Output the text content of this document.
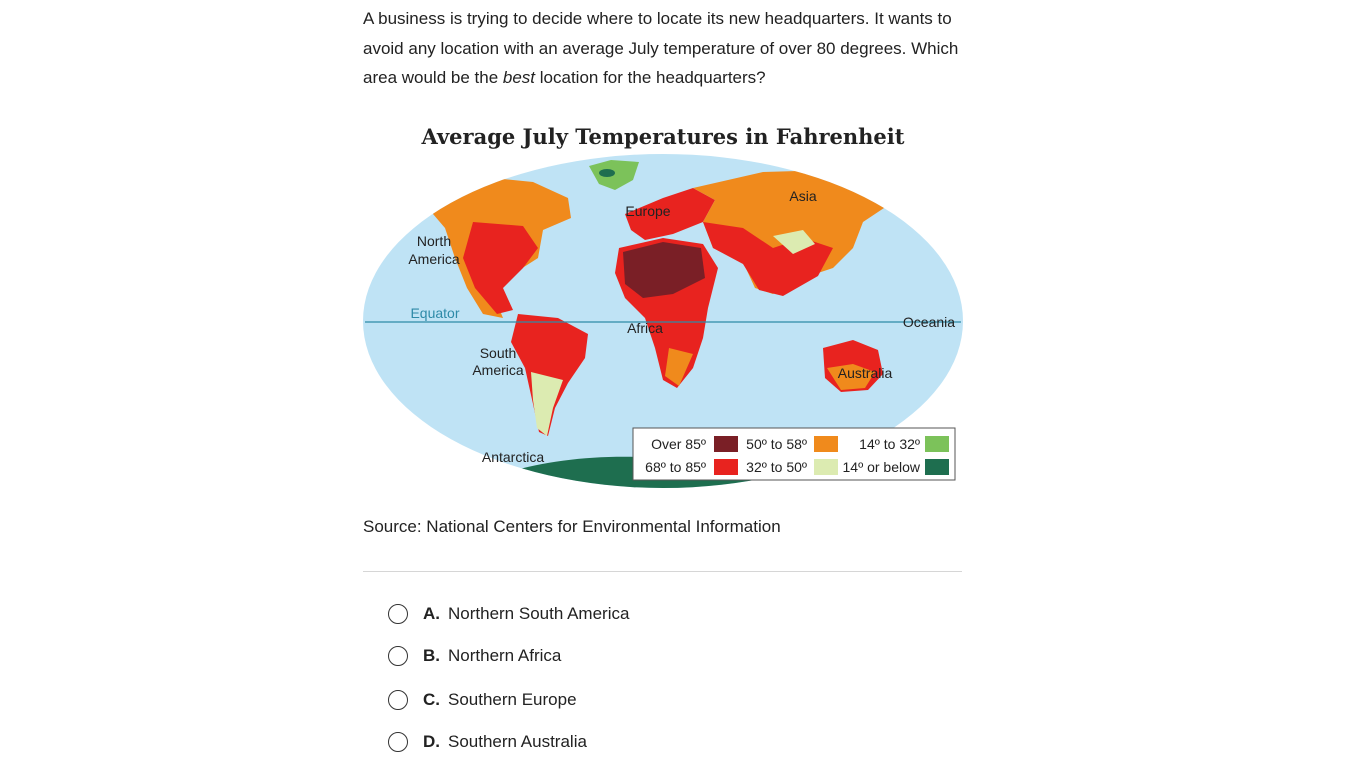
A business is trying to decide where to locate its new headquarters. It wants to avoid any location with an average July temperature of over 80 degrees. Which area would be the best location for the headquarters?
Average July Temperatures in Fahrenheit
North
America
Europe
Asia
Equator
Africa	Oceania
South
America	Australia
Antarctica
Over 85º
68º to 85º
50º to 58º
32º to 50º
14º to 32º
14º or below
Source: National Centers for Environmental Information
A. Northern South America
B. Northern Africa
C. Southern Europe
D. Southern Australia
